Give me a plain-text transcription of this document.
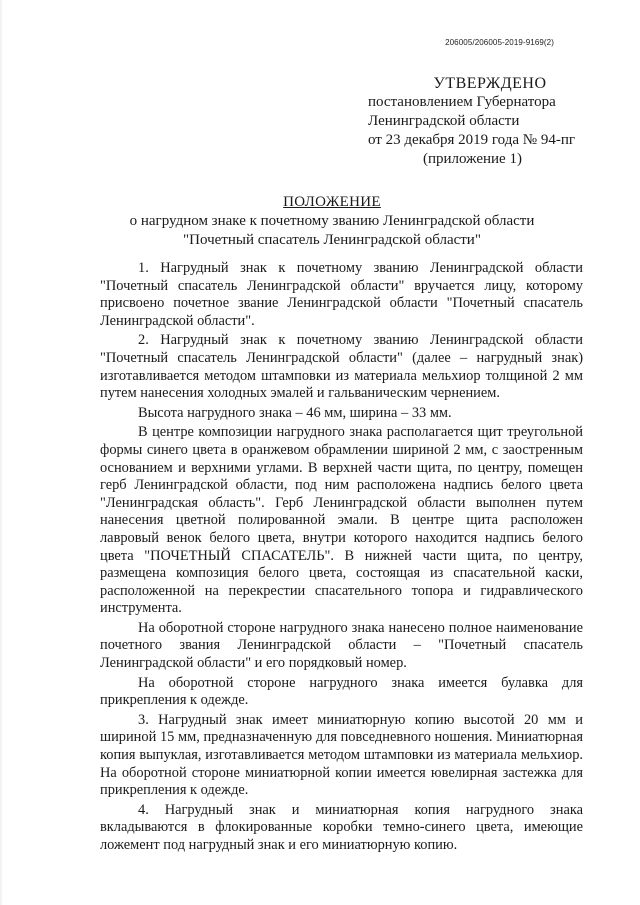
206005/206005-2019-9169(2)
УТВЕРЖДЕНО
постановлением Губернатора
Ленинградской области
от 23 декабря 2019 года № 94-пг
(приложение 1)
ПОЛОЖЕНИЕ
о нагрудном знаке к почетному званию Ленинградской области
"Почетный спасатель Ленинградской области"

1. Нагрудный знак к почетному званию Ленинградской области "Почетный спасатель Ленинградской области" вручается лицу, которому присвоено почетное звание Ленинградской области "Почетный спасатель Ленинградской области".

2. Нагрудный знак к почетному званию Ленинградской области "Почетный спасатель Ленинградской области" (далее – нагрудный знак) изготавливается методом штамповки из материала мельхиор толщиной 2 мм путем нанесения холодных эмалей и гальваническим чернением.

Высота нагрудного знака – 46 мм, ширина – 33 мм.

В центре композиции нагрудного знака располагается щит треугольной формы синего цвета в оранжевом обрамлении шириной 2 мм, с заостренным основанием и верхними углами. В верхней части щита, по центру, помещен герб Ленинградской области, под ним расположена надпись белого цвета "Ленинградская область". Герб Ленинградской области выполнен путем нанесения цветной полированной эмали. В центре щита расположен лавровый венок белого цвета, внутри которого находится надпись белого цвета "ПОЧЕТНЫЙ СПАСАТЕЛЬ". В нижней части щита, по центру, размещена композиция белого цвета, состоящая из спасательной каски, расположенной на перекрестии спасательного топора и гидравлического инструмента.

На оборотной стороне нагрудного знака нанесено полное наименование почетного звания Ленинградской области – "Почетный спасатель Ленинградской области" и его порядковый номер.

На оборотной стороне нагрудного знака имеется булавка для прикрепления к одежде.

3. Нагрудный знак имеет миниатюрную копию высотой 20 мм и шириной 15 мм, предназначенную для повседневного ношения. Миниатюрная копия выпуклая, изготавливается методом штамповки из материала мельхиор. На оборотной стороне миниатюрной копии имеется ювелирная застежка для прикрепления к одежде.

4. Нагрудный знак и миниатюрная копия нагрудного знака вкладываются в флокированные коробки темно-синего цвета, имеющие ложемент под нагрудный знак и его миниатюрную копию.
